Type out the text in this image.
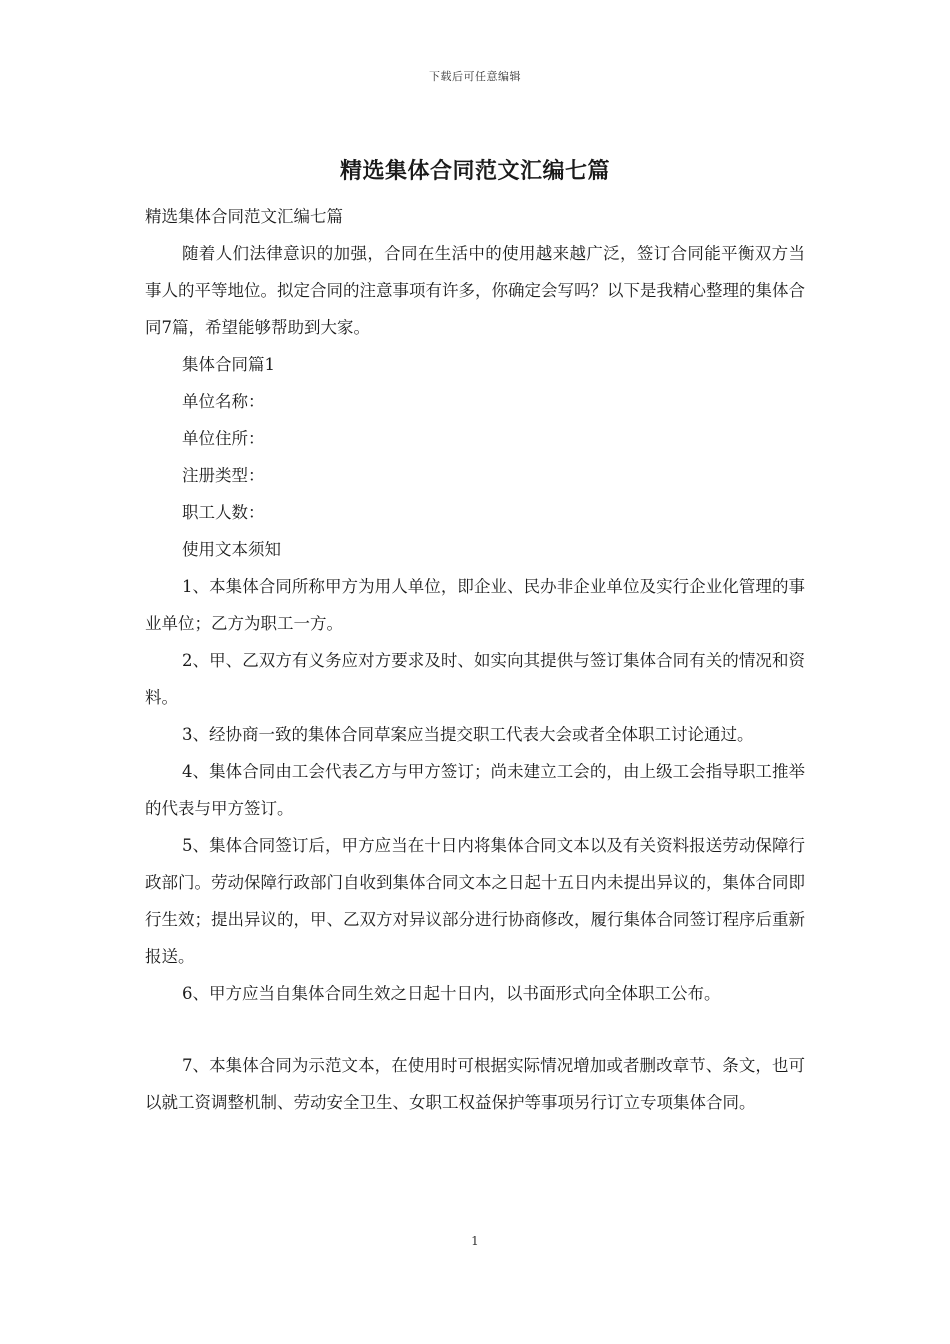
下载后可任意编辑
精选集体合同范文汇编七篇

精选集体合同范文汇编七篇

随着人们法律意识的加强，合同在生活中的使用越来越广泛，签订合同能平衡双方当事人的平等地位。拟定合同的注意事项有许多，你确定会写吗？以下是我精心整理的集体合同7篇，希望能够帮助到大家。

集体合同篇1

单位名称：

单位住所：

注册类型：

职工人数：

使用文本须知

1、本集体合同所称甲方为用人单位，即企业、民办非企业单位及实行企业化管理的事业单位；乙方为职工一方。

2、甲、乙双方有义务应对方要求及时、如实向其提供与签订集体合同有关的情况和资料。

3、经协商一致的集体合同草案应当提交职工代表大会或者全体职工讨论通过。

4、集体合同由工会代表乙方与甲方签订；尚未建立工会的，由上级工会指导职工推举的代表与甲方签订。

5、集体合同签订后，甲方应当在十日内将集体合同文本以及有关资料报送劳动保障行政部门。劳动保障行政部门自收到集体合同文本之日起十五日内未提出异议的，集体合同即行生效；提出异议的，甲、乙双方对异议部分进行协商修改，履行集体合同签订程序后重新报送。

6、甲方应当自集体合同生效之日起十日内，以书面形式向全体职工公布。

7、本集体合同为示范文本，在使用时可根据实际情况增加或者删改章节、条文，也可以就工资调整机制、劳动安全卫生、女职工权益保护等事项另行订立专项集体合同。

1
